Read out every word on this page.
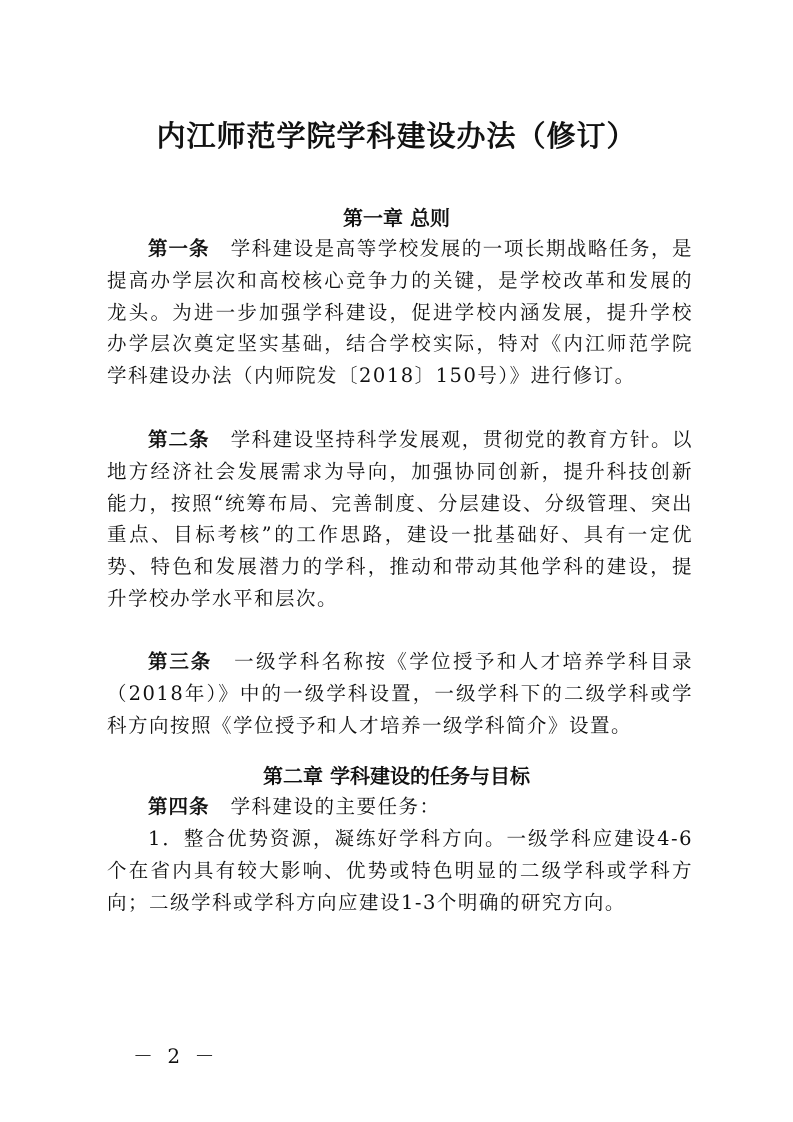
内江师范学院学科建设办法（修订）
第一章 总则

第一条  学科建设是高等学校发展的一项长期战略任务，是提高办学层次和高校核心竞争力的关键，是学校改革和发展的龙头。为进一步加强学科建设，促进学校内涵发展，提升学校办学层次奠定坚实基础，结合学校实际，特对《内江师范学院学科建设办法（内师院发〔2018〕150号）》进行修订。

第二条  学科建设坚持科学发展观，贯彻党的教育方针。以地方经济社会发展需求为导向，加强协同创新，提升科技创新能力，按照“统筹布局、完善制度、分层建设、分级管理、突出重点、目标考核”的工作思路，建设一批基础好、具有一定优势、特色和发展潜力的学科，推动和带动其他学科的建设，提升学校办学水平和层次。

第三条  一级学科名称按《学位授予和人才培养学科目录（2018年）》中的一级学科设置，一级学科下的二级学科或学科方向按照《学位授予和人才培养一级学科简介》设置。

第二章 学科建设的任务与目标

第四条  学科建设的主要任务：

1．整合优势资源，凝练好学科方向。一级学科应建设4-6个在省内具有较大影响、优势或特色明显的二级学科或学科方向；二级学科或学科方向应建设1-3个明确的研究方向。

－ 2 －
